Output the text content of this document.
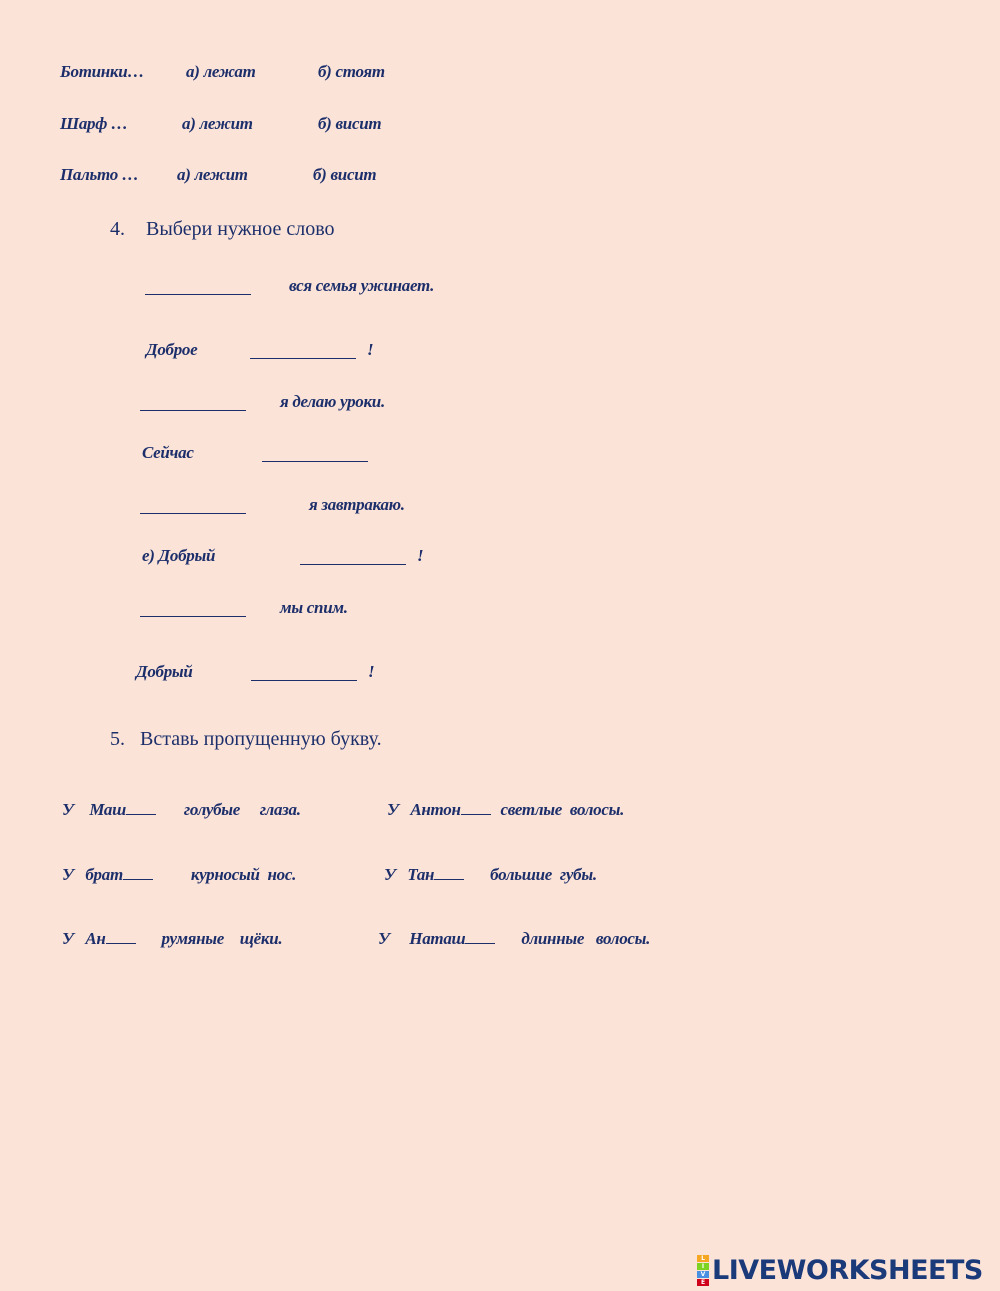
Ботинки… а) лежат	б) стоят
Шарф …	а) лежит	б) висит
Пальто … а) лежит	б) висит
4. Выбери нужное слово
вся семья ужинает.
Доброе	!
я делаю уроки.
Сейчас
я завтракаю.
е) Добрый	!
мы спим.
Добрый	!
5. Вставь пропущенную букву.
У    Маш	голубые     глаза.	У   Антон светлые  волосы.
У   брат	курносый  нос.	У   Тан	большие  губы.
У   Ан	румяные    щёки.	У     Наташ	длинные   волосы.
L
I
V
E LIVEWORKSHEETS
